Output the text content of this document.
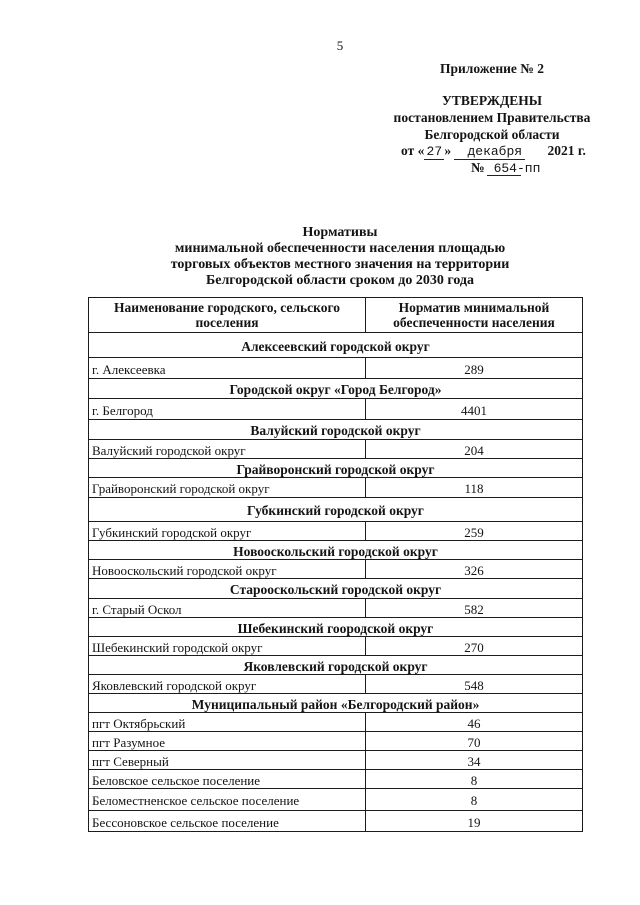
5
Приложение № 2
УТВЕРЖДЕНЫ
постановлением Правительства
Белгородской области
от « 27 » декабря 2021 г.
№ 654-пп
Нормативы
минимальной обеспеченности населения площадью
торговых объектов местного значения на территории
Белгородской области сроком до 2030 года
Наименование городского, сельского
поселения	Норматив минимальной
обеспеченности населения
Алексеевский городской округ	
г. Алексеевка	289
Городской округ «Город Белгород»	
г. Белгород	4401
Валуйский городской округ	
Валуйский городской округ	204
Грайворонский городской округ	
Грайворонский городской округ	118
Губкинский городской округ	
Губкинский городской округ	259
Новооскольский городской округ	
Новооскольский городской округ	326
Старооскольский городской округ	
г. Старый Оскол	582
Шебекинский гоородской округ	
Шебекинский городской округ	270
Яковлевский городской округ	
Яковлевский городской округ	548
Муниципальный район «Белгородский район»	
пгт Октябрьский	46
пгт Разумное	70
пгт Северный	34
Беловское сельское поселение	8
Беломестненское сельское поселение	8
Бессоновское сельское поселение	19
